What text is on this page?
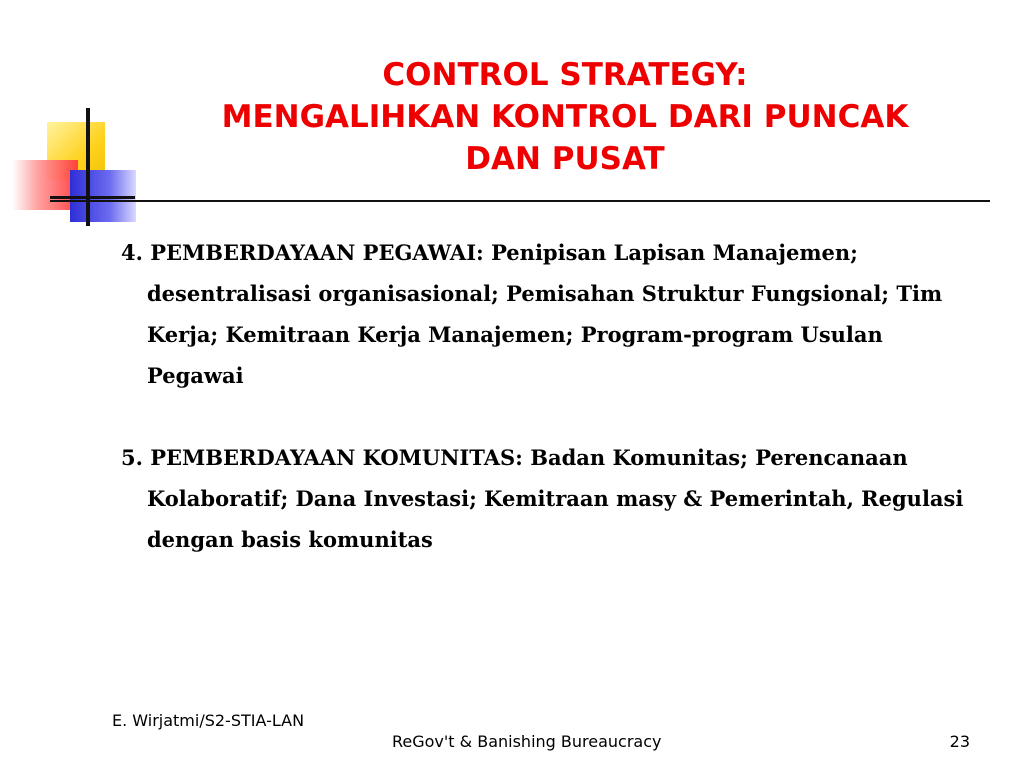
CONTROL STRATEGY:
MENGALIHKAN KONTROL DARI PUNCAK
DAN PUSAT

4. PEMBERDAYAAN PEGAWAI: Penipisan Lapisan Manajemen; desentralisasi organisasional; Pemisahan Struktur Fungsional; Tim Kerja; Kemitraan Kerja Manajemen; Program-program Usulan Pegawai

5. PEMBERDAYAAN KOMUNITAS: Badan Komunitas; Perencanaan Kolaboratif; Dana Investasi; Kemitraan masy & Pemerintah, Regulasi dengan basis komunitas

E. Wirjatmi/S2-STIA-LAN
ReGov't & Banishing Bureaucracy	23
